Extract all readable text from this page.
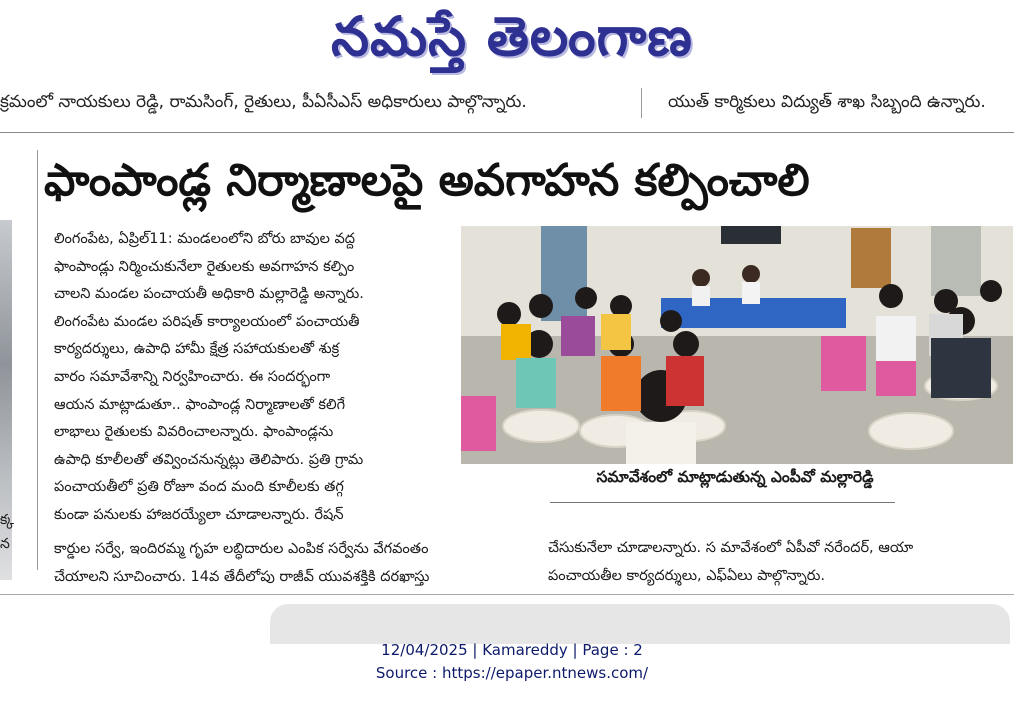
నమస్తే తెలంగాణ
క్రమంలో నాయకులు రెడ్డి, రామసింగ్, రైతులు, పీఏసీఎస్ అధికారులు పాల్గొన్నారు.	యుత్ కార్మికులు విద్యుత్ శాఖ సిబ్బంది ఉన్నారు.
క్క
న
ఫాంపాండ్ల నిర్మాణాలపై అవగాహన కల్పించాలి

లింగంపేట, ఏప్రిల్11: మండలంలోని బోరు బావుల వద్ద

ఫాంపాండ్లు నిర్మించుకునేలా రైతులకు అవగాహన కల్పిం

చాలని మండల పంచాయతీ అధికారి మల్లారెడ్డి అన్నారు.

లింగంపేట మండల పరిషత్ కార్యాలయంలో పంచాయతీ

కార్యదర్శులు, ఉపాధి హామీ క్షేత్ర సహాయకులతో శుక్ర

వారం సమావేశాన్ని నిర్వహించారు. ఈ సందర్భంగా

ఆయన మాట్లాడుతూ.. ఫాంపాండ్ల నిర్మాణాలతో కలిగే

లాభాలు రైతులకు వివరించాలన్నారు. ఫాంపాండ్లను

ఉపాధి కూలీలతో తవ్వించనున్నట్లు తెలిపారు. ప్రతి గ్రామ

పంచాయతీలో ప్రతి రోజూ వంద మంది కూలీలకు తగ్గ

కుండా పనులకు హాజరయ్యేలా చూడాలన్నారు. రేషన్

కార్డుల సర్వే, ఇందిరమ్మ గృహ లబ్ధిదారుల ఎంపిక సర్వేను వేగవంతం

చేయాలని సూచించారు. 14వ తేదీలోపు రాజీవ్ యువశక్తికి దరఖాస్తు

సమావేశంలో మాట్లాడుతున్న ఎంపీవో మల్లారెడ్డి

చేసుకునేలా చూడాలన్నారు. స మావేశంలో ఏపీవో నరేందర్, ఆయా

పంచాయతీల కార్యదర్శులు, ఎఫ్ఏలు పాల్గొన్నారు.

12/04/2025 | Kamareddy | Page : 2
Source : https://epaper.ntnews.com/
